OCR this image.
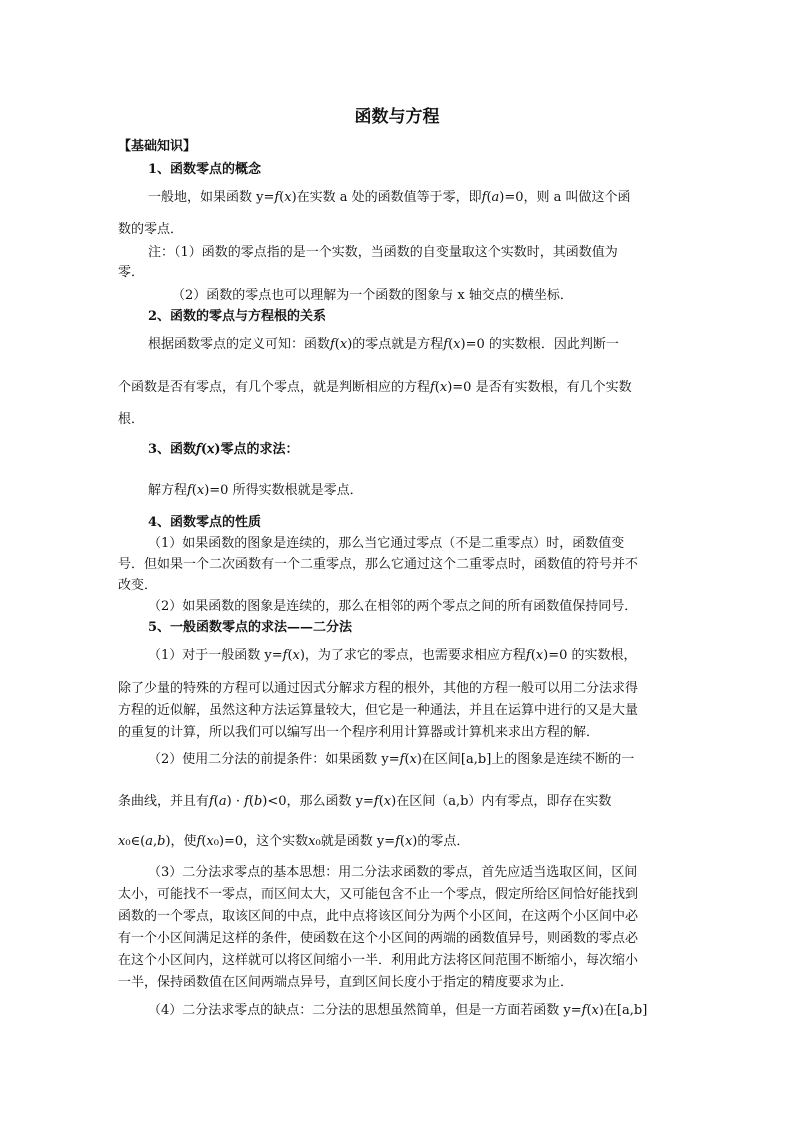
函数与方程
【基础知识】
1、函数零点的概念
一般地，如果函数 y=𝑓(𝑥)在实数 a 处的函数值等于零，即𝑓(𝑎)=0，则 a 叫做这个函
数的零点．
注：（1）函数的零点指的是一个实数，当函数的自变量取这个实数时，其函数值为
零．
（2）函数的零点也可以理解为一个函数的图象与 x 轴交点的横坐标．
2、函数的零点与方程根的关系
根据函数零点的定义可知：函数𝑓(𝑥)的零点就是方程𝑓(𝑥)=0 的实数根．因此判断一
个函数是否有零点，有几个零点，就是判断相应的方程𝑓(𝑥)=0 是否有实数根，有几个实数
根．
3、函数𝑓(𝑥)零点的求法：
解方程𝑓(𝑥)=0 所得实数根就是零点．
4、函数零点的性质
（1）如果函数的图象是连续的，那么当它通过零点（不是二重零点）时，函数值变
号．但如果一个二次函数有一个二重零点，那么它通过这个二重零点时，函数值的符号并不
改变．
（2）如果函数的图象是连续的，那么在相邻的两个零点之间的所有函数值保持同号．
5、一般函数零点的求法——二分法
（1）对于一般函数 y=𝑓(𝑥)，为了求它的零点，也需要求相应方程𝑓(𝑥)=0 的实数根，
除了少量的特殊的方程可以通过因式分解求方程的根外，其他的方程一般可以用二分法求得
方程的近似解，虽然这种方法运算量较大，但它是一种通法，并且在运算中进行的又是大量
的重复的计算，所以我们可以编写出一个程序利用计算器或计算机来求出方程的解．
（2）使用二分法的前提条件：如果函数 y=𝑓(𝑥)在区间[a,b]上的图象是连续不断的一
条曲线，并且有𝑓(𝑎) · 𝑓(𝑏)<0，那么函数 y=𝑓(𝑥)在区间（a,b）内有零点，即存在实数
𝑥₀∈(𝑎,𝑏)，使𝑓(𝑥₀)=0，这个实数𝑥₀就是函数 y=𝑓(𝑥)的零点．
（3）二分法求零点的基本思想：用二分法求函数的零点，首先应适当选取区间，区间
太小，可能找不一零点，而区间太大，又可能包含不止一个零点，假定所给区间恰好能找到
函数的一个零点，取该区间的中点，此中点将该区间分为两个小区间，在这两个小区间中必
有一个小区间满足这样的条件，使函数在这个小区间的两端的函数值异号，则函数的零点必
在这个小区间内，这样就可以将区间缩小一半．利用此方法将区间范围不断缩小，每次缩小
一半，保持函数值在区间两端点异号，直到区间长度小于指定的精度要求为止．
（4）二分法求零点的缺点：二分法的思想虽然简单，但是一方面若函数 y=𝑓(𝑥)在[a,b]
